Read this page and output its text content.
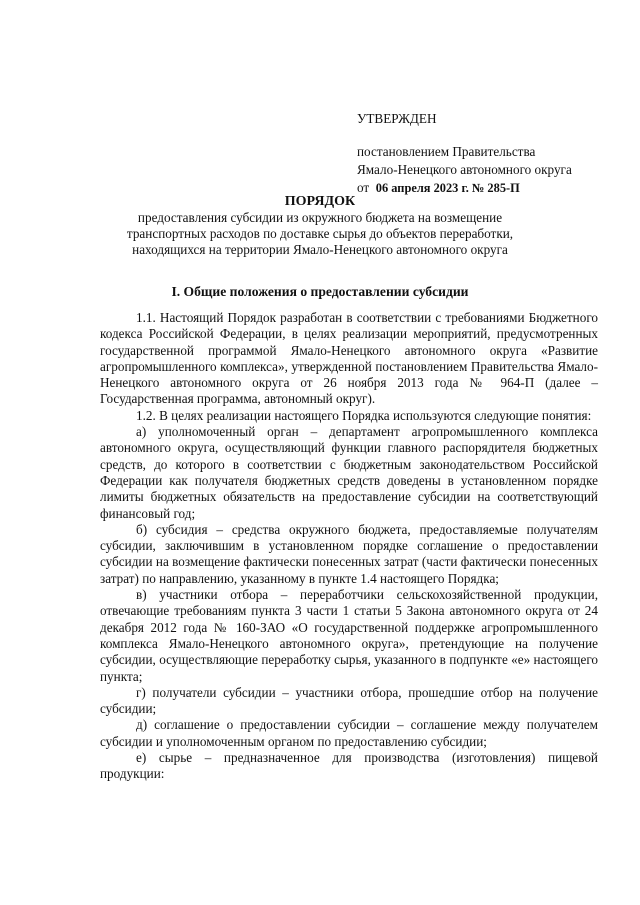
УТВЕРЖДЕН
постановлением Правительства
Ямало-Ненецкого автономного округа
от 06 апреля 2023 г. № 285-П
ПОРЯДОК
предоставления субсидии из окружного бюджета на возмещение транспортных расходов по доставке сырья до объектов переработки, находящихся на территории Ямало-Ненецкого автономного округа
I. Общие положения о предоставлении субсидии

1.1. Настоящий Порядок разработан в соответствии с требованиями Бюджетного кодекса Российской Федерации, в целях реализации мероприятий, предусмотренных государственной программой Ямало-Ненецкого автономного округа «Развитие агропромышленного комплекса», утвержденной постановлением Правительства Ямало-Ненецкого автономного округа от 26 ноября 2013 года № 964-П (далее – Государственная программа, автономный округ).

1.2. В целях реализации настоящего Порядка используются следующие понятия:

а) уполномоченный орган – департамент агропромышленного комплекса автономного округа, осуществляющий функции главного распорядителя бюджетных средств, до которого в соответствии с бюджетным законодательством Российской Федерации как получателя бюджетных средств доведены в установленном порядке лимиты бюджетных обязательств на предоставление субсидии на соответствующий финансовый год;

б) субсидия – средства окружного бюджета, предоставляемые получателям субсидии, заключившим в установленном порядке соглашение о предоставлении субсидии на возмещение фактически понесенных затрат (части фактически понесенных затрат) по направлению, указанному в пункте 1.4 настоящего Порядка;

в) участники отбора – переработчики сельскохозяйственной продукции, отвечающие требованиям пункта 3 части 1 статьи 5 Закона автономного округа от 24 декабря 2012 года № 160-ЗАО «О государственной поддержке агропромышленного комплекса Ямало-Ненецкого автономного округа», претендующие на получение субсидии, осуществляющие переработку сырья, указанного в подпункте «е» настоящего пункта;

г) получатели субсидии – участники отбора, прошедшие отбор на получение субсидии;

д) соглашение о предоставлении субсидии – соглашение между получателем субсидии и уполномоченным органом по предоставлению субсидии;

е) сырье – предназначенное для производства (изготовления) пищевой продукции:
